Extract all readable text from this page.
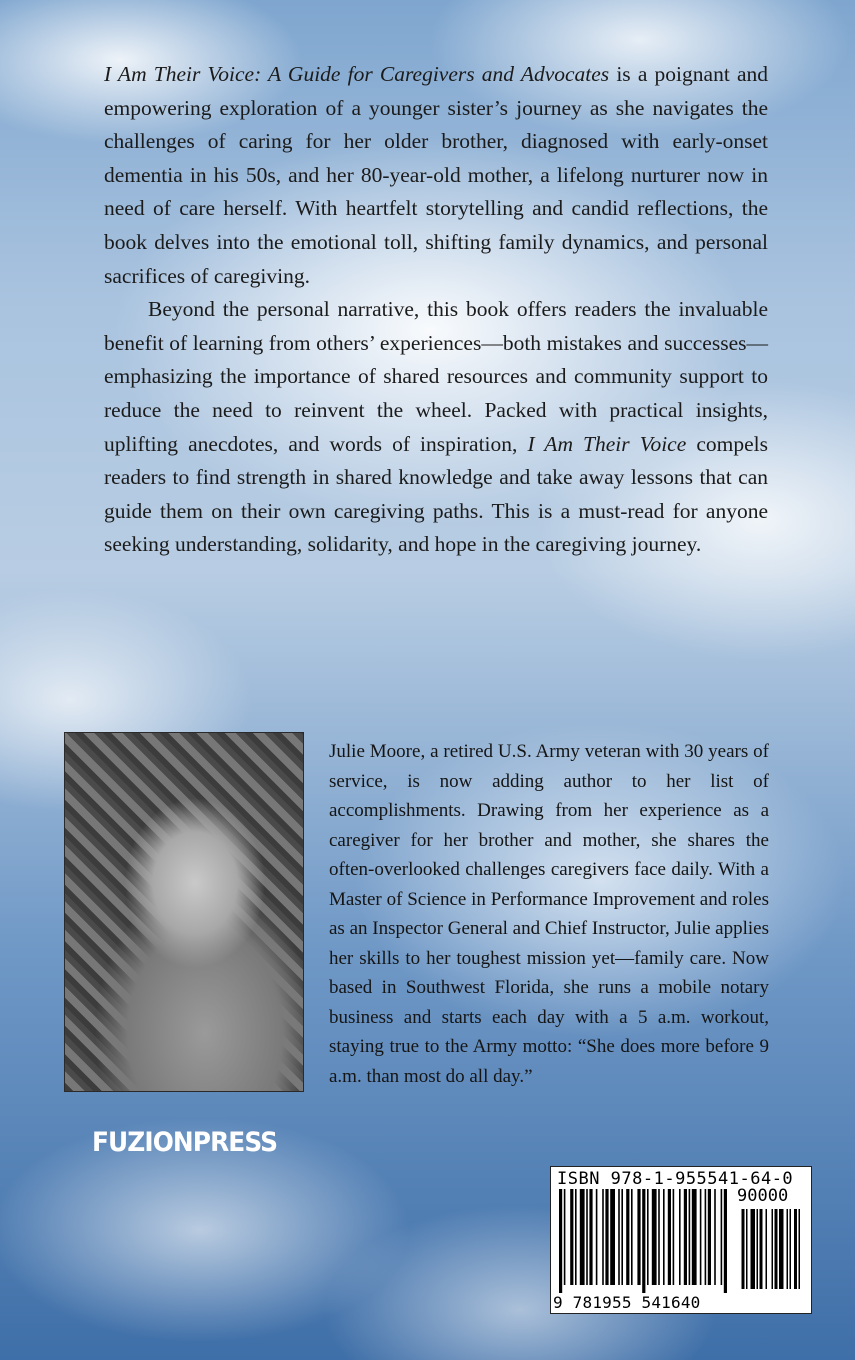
I Am Their Voice: A Guide for Caregivers and Advocates is a poignant and empowering exploration of a younger sister’s journey as she navigates the challenges of caring for her older brother, diagnosed with early-onset dementia in his 50s, and her 80-year-old mother, a lifelong nurturer now in need of care herself. With heartfelt storytelling and candid reflections, the book delves into the emotional toll, shifting family dynamics, and personal sacrifices of caregiving.

Beyond the personal narrative, this book offers readers the invaluable benefit of learning from others’ experiences—both mistakes and successes—emphasizing the importance of shared resources and community support to reduce the need to reinvent the wheel. Packed with practical insights, uplifting anecdotes, and words of inspiration, I Am Their Voice compels readers to find strength in shared knowledge and take away lessons that can guide them on their own caregiving paths. This is a must-read for anyone seeking understanding, solidarity, and hope in the caregiving journey.

Julie Moore, a retired U.S. Army veteran with 30 years of service, is now adding author to her list of accomplishments. Drawing from her experience as a caregiver for her brother and mother, she shares the often-overlooked challenges caregivers face daily. With a Master of Science in Performance Improvement and roles as an Inspector General and Chief Instructor, Julie applies her skills to her toughest mission yet—family care. Now based in Southwest Florida, she runs a mobile notary business and starts each day with a 5 a.m. workout, staying true to the Army motto: “She does more before 9 a.m. than most do all day.”
FUZIONPRESS
ISBN 978-1-955541-64-0
90000
9 781955 541640
